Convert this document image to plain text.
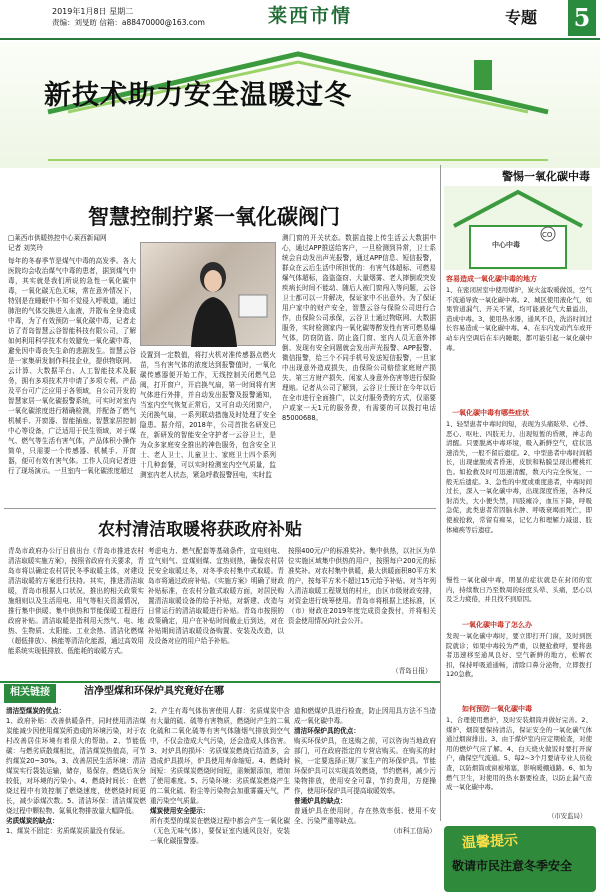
2019年1月8日 星期二
责编：刘旻昉 信箱：a88470000@163.com	莱西市情	专题 5
新技术助力安全温暖过冬
智慧控制拧紧一氧化碳阀门
□莱西市供暖热控中心莱西新闻网
记者 刘笑玲
每年的冬春季节是煤气中毒的高发季。各大医院均会收治煤气中毒的患者，据到煤气中毒，其实就是我们所说的急性一氧化碳中毒，一氧化碳无色无味，常在意外情况下，特别是在睡眠中不知不觉侵入呼吸道，通过肺泡的气体交换进入血液，并散布全身造成中毒，为了有效预防一氧化碳中毒，记者走访了青岛智慧云谷智能科技有限公司，了解如何利用科学技术有效避免一氧化碳中毒，避免因中毒丧失生命的悲剧发生。智慧云谷是一家集研发制作科技企业，提供物联网、云计算、大数据平台、人工智能技术及服务，拥有多项技术并申请了多项专利。产品及平台可广泛应用于各领域，自公司开发的智慧家居一氧化碳报警系统，可实时对室内一氧化碳浓度进行精确检测，并配备了燃气机械手、开窗器、智能插座、智慧家居控制中心等设备，广泛适用于民生领域，对于煤气、燃气等生活有害气体，产品体积小操作简单，只需要一个传感器、机械手、开窗器，便可有效有害气体。工作人员向记者进行了现场演示。一旦室内一氧化碳浓度超过
设置到一定数值，将打火机对准传感器点燃火苗，当有害气体的浓度达到报警值时，一氧化碳传感器便开始工作，无线控制关闭燃气总阀，打开窗户，开启换气扇，第一时间将有害气体进行外排，并自动发出报警及报警通知，当室内空气恢复正常后，又可自动关闭窗户，关闭换气扇，一系列联动措施及时处理了安全隐患。据介绍，2018年，公司首批名研发已在，新研发的智能安全守护者一云谷卫士，是为众多家庭安全推出的神色服务，包含安全卫士、老人卫士、儿童卫士、家庭卫士四个系列十几种套餐，可以实时检测室内空气质量，监测室内老人状态，紧急呼救报警回电，实时监
测门窗的开关状态。数据直接上传生活云大数据中心，通过APP推送给客户，一旦检测到异常，卫士系统会自动发出声光报警，通过APP信息、短信报警，群众在云后生活中所担忧的：有害气体超标、可燃易爆气体超标，盗盗盗窃、大量烟雾、老人摔倒或突发疾病长时间不能动、随后人被门窗闯入等问题，云谷卫士都可以一并解决，保证家中不出意外。为了保证用户家中的财产安全，智慧云谷与保险公司进行合作，由保险公司承保，云谷卫士通过物联网、大数据服务，实时检测家内一氧化碳等醉发性有害可燃易爆气体，防窃防盗、防止盗门窗、室内人员无意外摔倒、发现有安全问题就会发出声光报警、APP报警、微信报警，给三个不同手机号发送短信报警，一旦家中出现意外造成损失，由保险公司赔偿家庭财产损失、第三方财产损失、闲家人身意外伤害等进行保险理赔。记者从公司了解到，云谷卫士预计在今年以后在全市进行全面推广，以支付服务费的方式，仅需要户或家一天1元的服务费，有需要的可以拨打电话85000688。
警惕一氧化碳中毒
CO
中心中毒
容易造成一氧化碳中毒的地方
1、在密闭居室中使用煤炉，炭火盆取暖做饭，空气不流通导致一氧化碳中毒。2、城区使用液化气，如果管道漏气、开关不紧，均可能液化气大量溢出，造成中毒。3、使用热水器，通风不良，洗浴时间过长容易造成一氧化碳中毒。4、在车内发动汽车或开动车内空调后在车内睡眠，都可能引起一氧化碳中毒。
一氧化碳中毒有哪些症状
1、轻型患者中毒时间短，表现为头痛眩晕、心悸、恶心、呕吐、四肢无力、出现短暂的昏厥，神志尚清醒。只要脱离中毒环境，吸入新鲜空气，症状迅速消失，一般不留后遗症。2、中型患者中毒时间稍长，出现虚脱或者昏迷，皮肤和粘膜呈现出樱桃红色。如抢救及时可迅速清醒，数天内完全恢复，一般无后遗症。3、急性的中度或重度患者，中毒时间过长，深入一氧化碳中毒，出现深度昏迷，各种反射消失，大小便失禁，四肢瘫冷，血压下降，呼吸急促，此类患者常因脑水肿、呼吸衰竭而死亡，即使被抢救，常留有痴呆，记忆力和理解力减退、肢体瘫痪等后遗症。
慢性一氧化碳中毒，明显的症状就是在封闭的室内，持续数日乃至数周的轻度头晕、头痛，恶心以及乏力疲倦，并且找不到原因。
一氧化碳中毒了怎么办
发现一氧化碳中毒时，要立即打开门窗，及时到医院就诊；如果中毒较为严重，以便抢救呼，要将患者迅速移至通风良好、空气新鲜的地方，松解衣扣，保持呼吸道通畅，清除口鼻分泌物，立即拨打120急救。
如何预防一氧化碳中毒
1、合理使用燃炉，及时安装烟筒并做好完善。2、煤炉、烟筒要保持清洁，保证安全的一氧化碳气体通过烟窗排出。3、由于煤炉室内应定期检查，对使用的燃炉气应了解。4、白天烧火做饭时要打开窗户，确保空气流通。5、每2~3个月要请专业人员检查，以防烟筒或窗被堵塞，影响暖棚通路。6、如为燃气卫生，对使用的热水器要检查，以防止漏气造成一氧化碳中毒。
（市安监局）
农村清洁取暖将获政府补贴
青岛市政府办公厅日前出台《青岛市推进农村清洁取暖实施方案》，按照省政府有关要求，青岛市将以确定农村居民冬季取暖主体，对建设清洁取暖的方案进行扶持。其实，推进清洁取暖，青岛市根据人口状况，推出的相关政策实施细则以及生活用电、用气等相关资源情况，推行集中供暖、集中供热和节能保暖工程进行政府补贴。清洁取暖是指利用天然气、电、地热、生物质、太阳能、工业余热、清洁化燃煤（超低排放）、核能等清洁化能源，通过高效用能系统实现低排放、低能耗的取暖方式。
考虑电力、燃气配套等基础条件，宜电则电、宜气则气、宜煤则煤、宜热则热，确保农村居民安全取暖过冬，对冬季农村集中式取暖。青岛市将通过政府补贴。《实施方案》明确了财政补贴标准，在农村分散式取暖方面，对居民购置清洁取暖设备的给予补贴，对新建、改造与日常运行的清洁取暖进行补贴。青岛市按照的政策确定，用户在补贴时间截止后到达，对在补贴期间清洁取暖设备购置、安装及改造，以及设备对应的用户给予补贴。
按照400元/户的标准奖补。集中供热，以社区为单位实施区域集中供热的用户，按照每户200元的标准奖补。对农村集中供暖，最大供暖面积80平方米的户，按每平方米不超过15元给予补贴。对当年列入清洁取暖工程规划的村庄，由区市级财政安排，对资金进行统筹使用。青岛市将根据上述标准，区（市）财政在2019年度完成资金拨付，并将相关资金使用情况向社会公开。
（青岛日报）
相关链接	洁净型煤和环保炉具究竟好在哪
清洁型煤炭的优点：
1、政府补贴：改善供暖条件，同时使用清洁煤炭能减少因使用煤炭所造成的环境污染，对于农村改善居住环境有着很大的帮助。2、节能低碳：与燃劣质散煤相比，清洁煤炭热值高，可节约煤炭20~30%。3、改善居民生活环境：清洁煤炭实行袋装运输，储存，易保存，燃烧后灰分较低，对环境的污染小。4、燃烧时间长：在燃烧过程中有效控制了燃烧速度，使燃烧时间更长，减少添煤次数。5、清洁环保：清洁煤炭燃烧过程中颗粒物、氮氧化物排放量大幅降低。
劣质煤炭的缺点：
1、煤炭不固定：劣质煤炭质量没有保证。
2、产生有毒气体伤害使用人群：劣质煤炭中含有大量的硫、硫等有害物质，燃烧时产生的二氧化硫和二氧化硫等有害气体随烟气排放到空气中，不仅会造成大气污染，还会造成人体伤害。3、对炉具的损坏：劣质煤炭燃烧后结渣多，会造成炉具损坏，炉具使用寿命缩短。4、燃烧时间短：劣质煤炭燃烧时间短，需频繁添加，增加了使用难度。5、污染环境：劣质煤炭燃烧产生的二氧化硫、粉尘等污染物会加重雾霾天气，严重污染空气质量。
煤炭使用安全提示：
所有类型的煤炭在燃烧过程中都会产生一氧化碳（无色无味气体），要保证室内通风良好，安装一氧化碳报警器。
道和燃煤炉具进行检查，防止因用具方法不当造成一氧化碳中毒。
清洁环保炉具的优点：
购买环保炉具，在选购之前，可以咨询当地政府部门，可在政府指定的专营店购买。在购买的时候，一定要选择正规厂家生产的环保炉具。节能环保炉具可以实现高效燃烧，节约燃料，减少污染物排放，使用安全可靠，节约费用，方便操作，使用环保炉具可提高取暖效率。
普通炉具的缺点：
普通炉具在使用时，存在热效率低、使用不安全、污染严重等缺点。
（市科工信局）
温馨提示
敬请市民注意冬季安全
